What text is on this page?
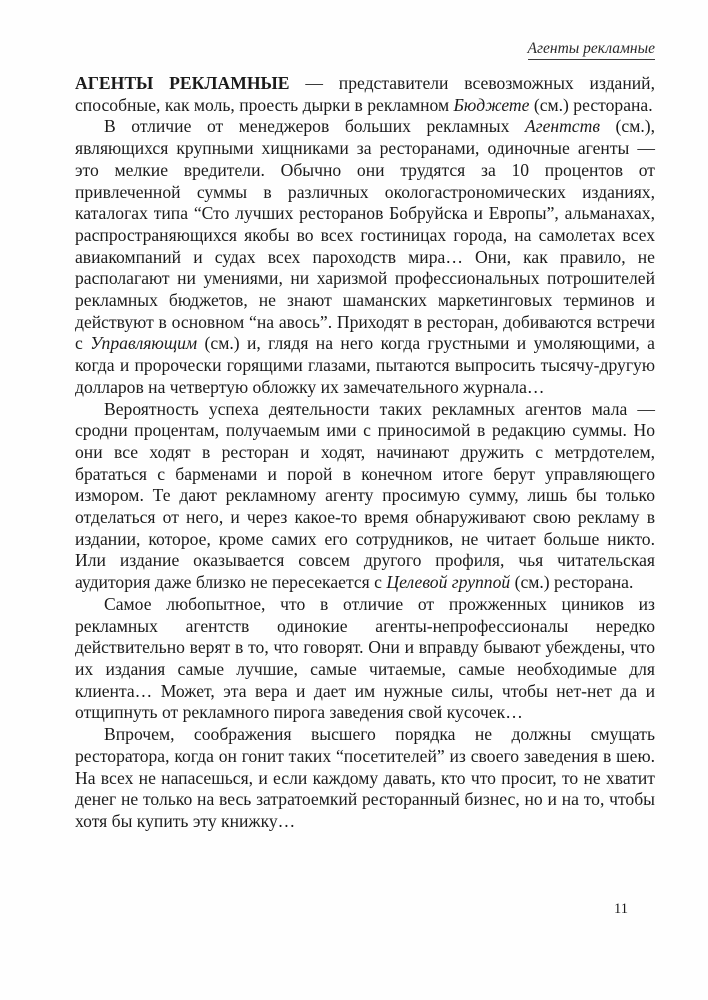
Агенты рекламные

АГЕНТЫ РЕКЛАМНЫЕ — представители всевозможных изданий, способные, как моль, проесть дырки в рекламном Бюджете (см.) ресторана.

В отличие от менеджеров больших рекламных Агентств (см.), являющихся крупными хищниками за ресторанами, одиночные агенты — это мелкие вредители. Обычно они трудятся за 10 процентов от привлеченной суммы в различных окологастрономических изданиях, каталогах типа “Сто лучших ресторанов Бобруйска и Европы”, альманахах, распространяющихся якобы во всех гостиницах города, на самолетах всех авиакомпаний и судах всех пароходств мира… Они, как правило, не располагают ни умениями, ни харизмой профессиональных потрошителей рекламных бюджетов, не знают шаманских маркетинговых терминов и действуют в основном “на авось”. Приходят в ресторан, добиваются встречи с Управляющим (см.) и, глядя на него когда грустными и умоляющими, а когда и пророчески горящими глазами, пытаются выпросить тысячу-другую долларов на четвертую обложку их замечательного журнала…

Вероятность успеха деятельности таких рекламных агентов мала — сродни процентам, получаемым ими с приносимой в редакцию суммы. Но они все ходят в ресторан и ходят, начинают дружить с метрдотелем, брататься с барменами и порой в конечном итоге берут управляющего измором. Те дают рекламному агенту просимую сумму, лишь бы только отделаться от него, и через какое-то время обнаруживают свою рекламу в издании, которое, кроме самих его сотрудников, не читает больше никто. Или издание оказывается совсем другого профиля, чья читательская аудитория даже близко не пересекается с Целевой группой (см.) ресторана.

Самое любопытное, что в отличие от прожженных циников из рекламных агентств одинокие агенты-непрофессионалы нередко действительно верят в то, что говорят. Они и вправду бывают убеждены, что их издания самые лучшие, самые читаемые, самые необходимые для клиента… Может, эта вера и дает им нужные силы, чтобы нет-нет да и отщипнуть от рекламного пирога заведения свой кусочек…

Впрочем, соображения высшего порядка не должны смущать ресторатора, когда он гонит таких “посетителей” из своего заведения в шею. На всех не напасешься, и если каждому давать, кто что просит, то не хватит денег не только на весь затратоемкий ресторанный бизнес, но и на то, чтобы хотя бы купить эту книжку…

11
